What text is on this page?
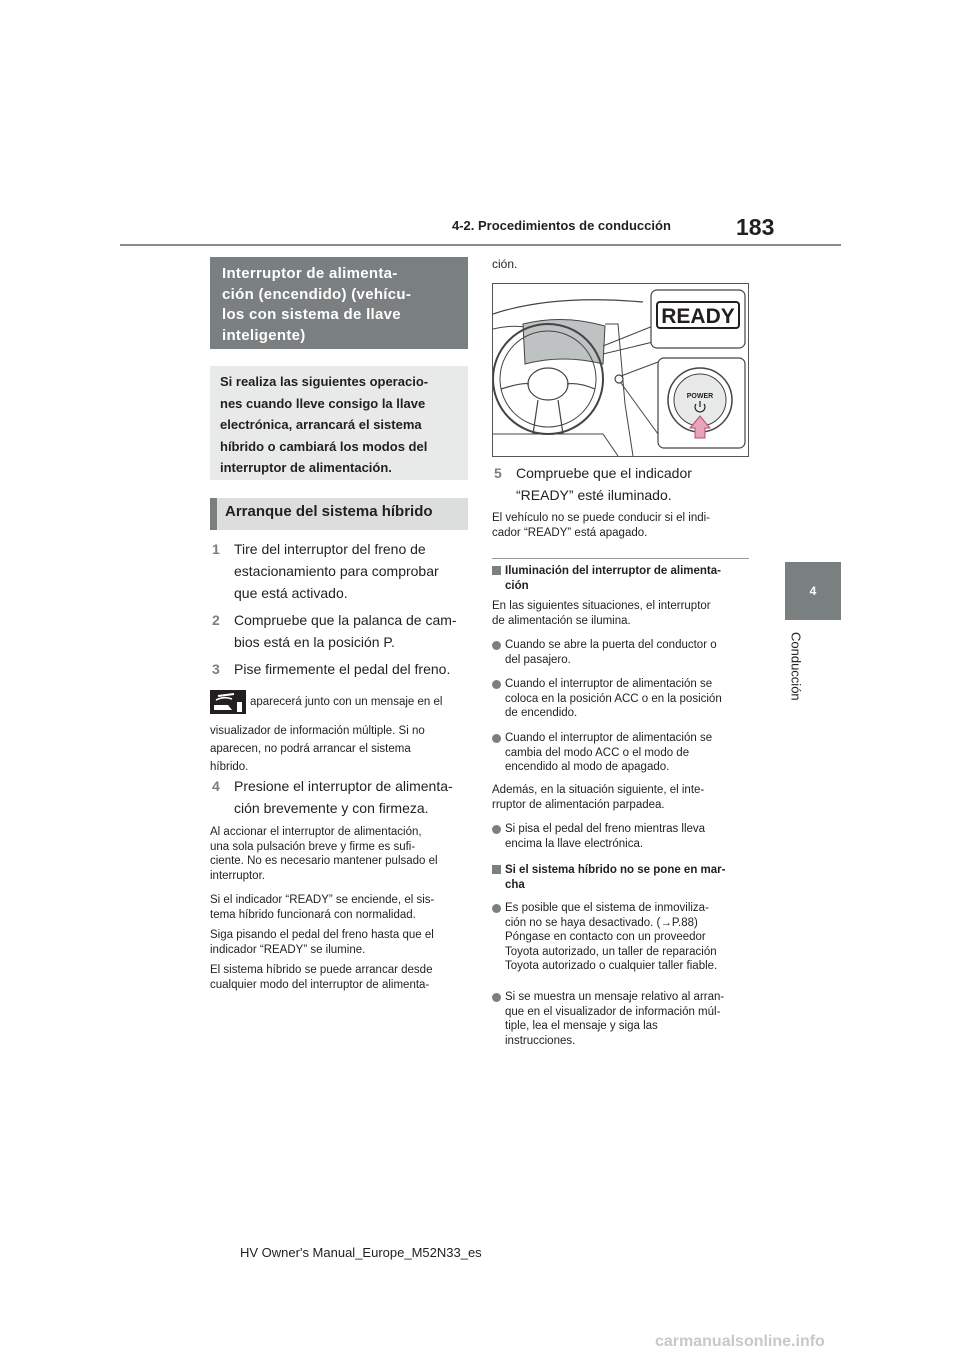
4-2. Procedimientos de conducción	183
4
Conducción
Interruptor de alimenta-
ción (encendido) (vehícu-
los con sistema de llave
inteligente)
Si realiza las siguientes operacio-
nes cuando lleve consigo la llave
electrónica, arrancará el sistema
híbrido o cambiará los modos del
interruptor de alimentación.
Arranque del sistema híbrido
1 Tire del interruptor del freno de
estacionamiento para comprobar
que está activado.
2 Compruebe que la palanca de cam-
bios está en la posición P.
3 Pise firmemente el pedal del freno.
aparecerá junto con un mensaje en el
visualizador de información múltiple. Si no
aparecen, no podrá arrancar el sistema
híbrido.
4 Presione el interruptor de alimenta-
ción brevemente y con firmeza.
Al accionar el interruptor de alimentación,
una sola pulsación breve y firme es sufi-
ciente. No es necesario mantener pulsado el
interruptor.
Si el indicador “READY” se enciende, el sis-
tema híbrido funcionará con normalidad.
Siga pisando el pedal del freno hasta que el
indicador “READY” se ilumine.
El sistema híbrido se puede arrancar desde
cualquier modo del interruptor de alimenta-
ción.
READY
POWER
5 Compruebe que el indicador
“READY” esté iluminado.
El vehículo no se puede conducir si el indi-
cador “READY” está apagado.
Iluminación del interruptor de alimenta-
ción
En las siguientes situaciones, el interruptor
de alimentación se ilumina.
Cuando se abre la puerta del conductor o
del pasajero.
Cuando el interruptor de alimentación se
coloca en la posición ACC o en la posición
de encendido.
Cuando el interruptor de alimentación se
cambia del modo ACC o el modo de
encendido al modo de apagado.
Además, en la situación siguiente, el inte-
rruptor de alimentación parpadea.
Si pisa el pedal del freno mientras lleva
encima la llave electrónica.
Si el sistema híbrido no se pone en mar-
cha
Es posible que el sistema de inmoviliza-
ción no se haya desactivado. (→P.88)
Póngase en contacto con un proveedor
Toyota autorizado, un taller de reparación
Toyota autorizado o cualquier taller fiable.
Si se muestra un mensaje relativo al arran-
que en el visualizador de información múl-
tiple, lea el mensaje y siga las
instrucciones.
HV Owner's Manual_Europe_M52N33_es
carmanualsonline.info
